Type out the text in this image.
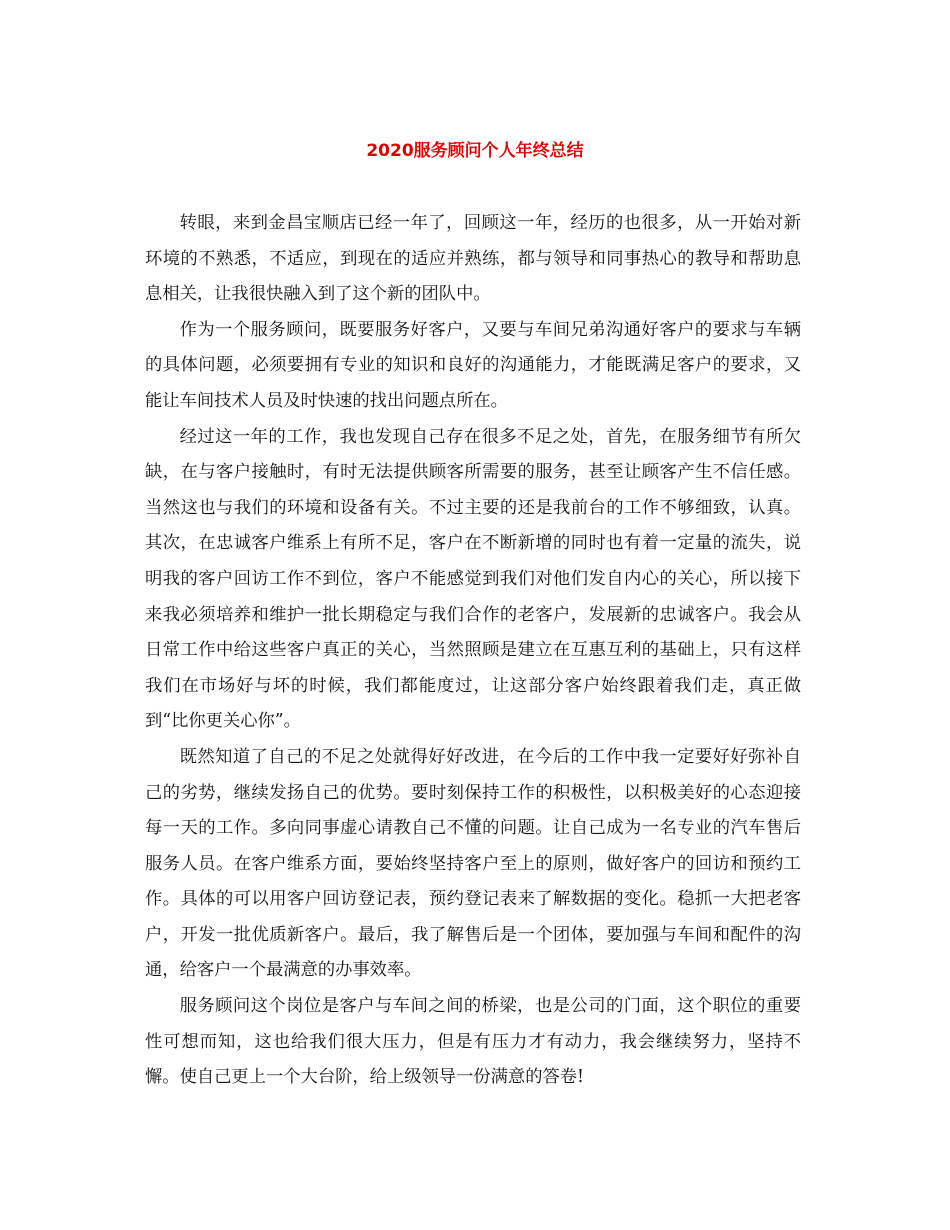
2020服务顾问个人年终总结

转眼，来到金昌宝顺店已经一年了，回顾这一年，经历的也很多，从一开始对新环境的不熟悉，不适应，到现在的适应并熟练，都与领导和同事热心的教导和帮助息息相关，让我很快融入到了这个新的团队中。

作为一个服务顾问，既要服务好客户，又要与车间兄弟沟通好客户的要求与车辆的具体问题，必须要拥有专业的知识和良好的沟通能力，才能既满足客户的要求，又能让车间技术人员及时快速的找出问题点所在。

经过这一年的工作，我也发现自己存在很多不足之处，首先，在服务细节有所欠缺，在与客户接触时，有时无法提供顾客所需要的服务，甚至让顾客产生不信任感。当然这也与我们的环境和设备有关。不过主要的还是我前台的工作不够细致，认真。其次，在忠诚客户维系上有所不足，客户在不断新增的同时也有着一定量的流失，说明我的客户回访工作不到位，客户不能感觉到我们对他们发自内心的关心，所以接下来我必须培养和维护一批长期稳定与我们合作的老客户，发展新的忠诚客户。我会从日常工作中给这些客户真正的关心，当然照顾是建立在互惠互利的基础上，只有这样我们在市场好与坏的时候，我们都能度过，让这部分客户始终跟着我们走，真正做到“比你更关心你”。

既然知道了自己的不足之处就得好好改进，在今后的工作中我一定要好好弥补自己的劣势，继续发扬自己的优势。要时刻保持工作的积极性，以积极美好的心态迎接每一天的工作。多向同事虚心请教自己不懂的问题。让自己成为一名专业的汽车售后服务人员。在客户维系方面，要始终坚持客户至上的原则，做好客户的回访和预约工作。具体的可以用客户回访登记表，预约登记表来了解数据的变化。稳抓一大把老客户，开发一批优质新客户。最后，我了解售后是一个团体，要加强与车间和配件的沟通，给客户一个最满意的办事效率。

服务顾问这个岗位是客户与车间之间的桥梁，也是公司的门面，这个职位的重要性可想而知，这也给我们很大压力，但是有压力才有动力，我会继续努力，坚持不懈。使自己更上一个大台阶，给上级领导一份满意的答卷!
